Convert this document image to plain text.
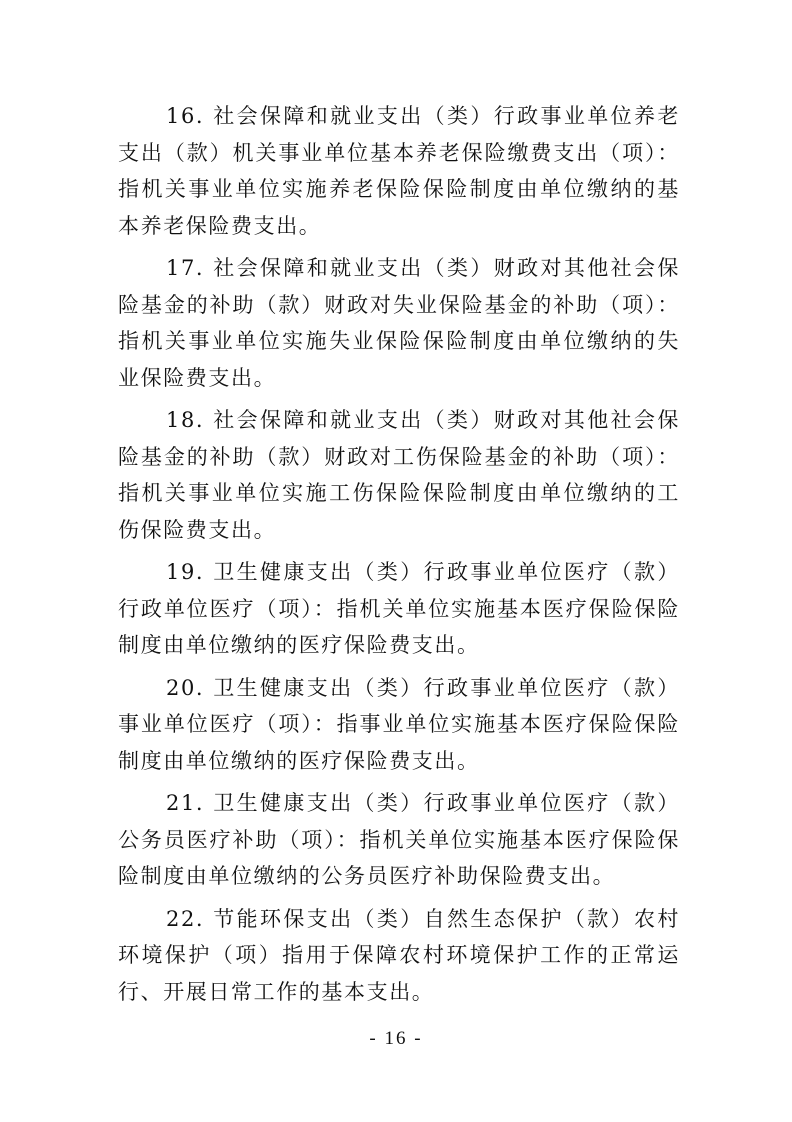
16. 社会保障和就业支出（类）行政事业单位养老支出（款）机关事业单位基本养老保险缴费支出（项）：指机关事业单位实施养老保险保险制度由单位缴纳的基本养老保险费支出。

17. 社会保障和就业支出（类）财政对其他社会保险基金的补助（款）财政对失业保险基金的补助（项）：指机关事业单位实施失业保险保险制度由单位缴纳的失业保险费支出。

18. 社会保障和就业支出（类）财政对其他社会保险基金的补助（款）财政对工伤保险基金的补助（项）：指机关事业单位实施工伤保险保险制度由单位缴纳的工伤保险费支出。

19. 卫生健康支出（类）行政事业单位医疗（款）行政单位医疗（项）：指机关单位实施基本医疗保险保险制度由单位缴纳的医疗保险费支出。

20. 卫生健康支出（类）行政事业单位医疗（款）事业单位医疗（项）：指事业单位实施基本医疗保险保险制度由单位缴纳的医疗保险费支出。

21. 卫生健康支出（类）行政事业单位医疗（款）公务员医疗补助（项）：指机关单位实施基本医疗保险保险制度由单位缴纳的公务员医疗补助保险费支出。

22. 节能环保支出（类）自然生态保护（款）农村环境保护（项）指用于保障农村环境保护工作的正常运行、开展日常工作的基本支出。

- 16 -
